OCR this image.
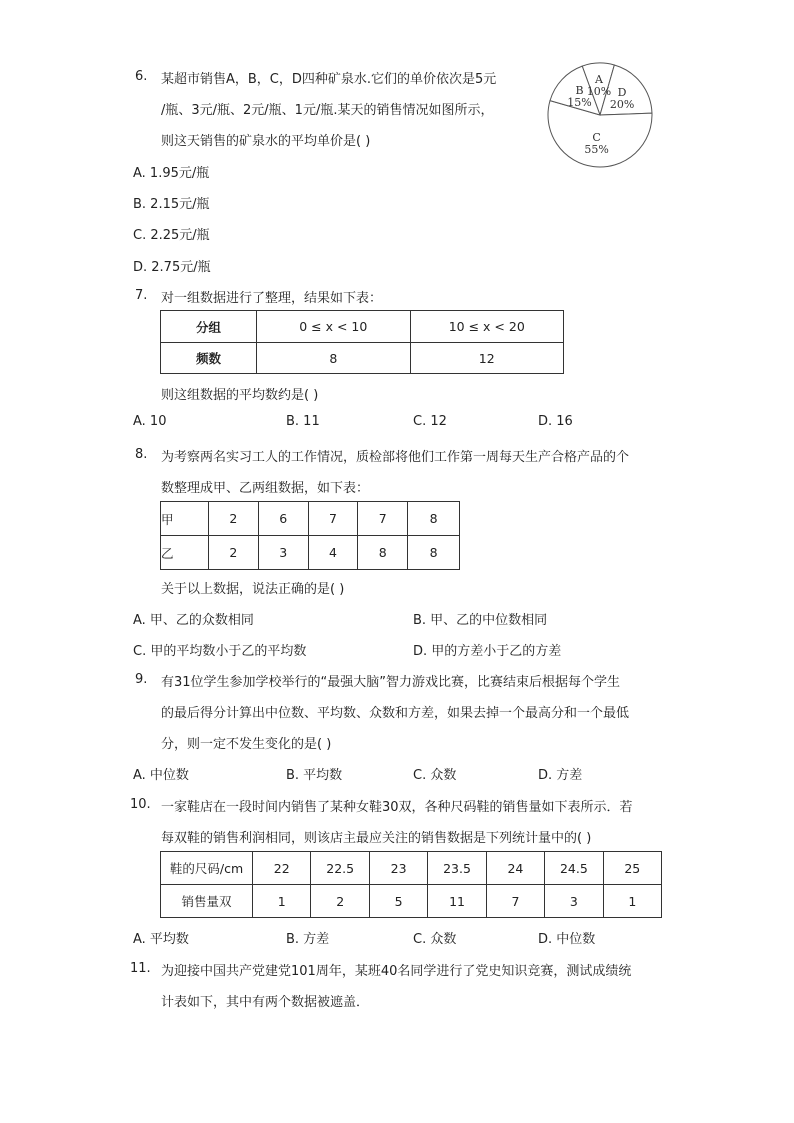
6. 某超市销售A，B，C，D四种矿泉水.它们的单价依次是5元
/瓶、3元/瓶、2元/瓶、1元/瓶.某天的销售情况如图所示，
则这天销售的矿泉水的平均单价是( )
A
10% D
20%
C
55%
B
15%
A. 1.95元/瓶
B. 2.15元/瓶
C. 2.25元/瓶
D. 2.75元/瓶
7. 对一组数据进行了整理，结果如下表：
分组	0 ≤ x < 10	10 ≤ x < 20
频数	8	12
则这组数据的平均数约是( )
A. 10	B. 11	C. 12	D. 16
8. 为考察两名实习工人的工作情况，质检部将他们工作第一周每天生产合格产品的个
数整理成甲、乙两组数据，如下表：
甲	2	6	7	7	8
乙	2	3	4	8	8
关于以上数据，说法正确的是( )
A. 甲、乙的众数相同	B. 甲、乙的中位数相同
C. 甲的平均数小于乙的平均数	D. 甲的方差小于乙的方差
9. 有31位学生参加学校举行的“最强大脑”智力游戏比赛，比赛结束后根据每个学生
的最后得分计算出中位数、平均数、众数和方差，如果去掉一个最高分和一个最低
分，则一定不发生变化的是( )
A. 中位数	B. 平均数	C. 众数	D. 方差
10. 一家鞋店在一段时间内销售了某种女鞋30双，各种尺码鞋的销售量如下表所示．若
每双鞋的销售利润相同，则该店主最应关注的销售数据是下列统计量中的( )
鞋的尺码/cm	22	22.5	23	23.5	24	24.5	25
销售量双	1	2	5	11	7	3	1
A. 平均数	B. 方差	C. 众数	D. 中位数
11. 为迎接中国共产党建党101周年，某班40名同学进行了党史知识竞赛，测试成绩统
计表如下，其中有两个数据被遮盖．
